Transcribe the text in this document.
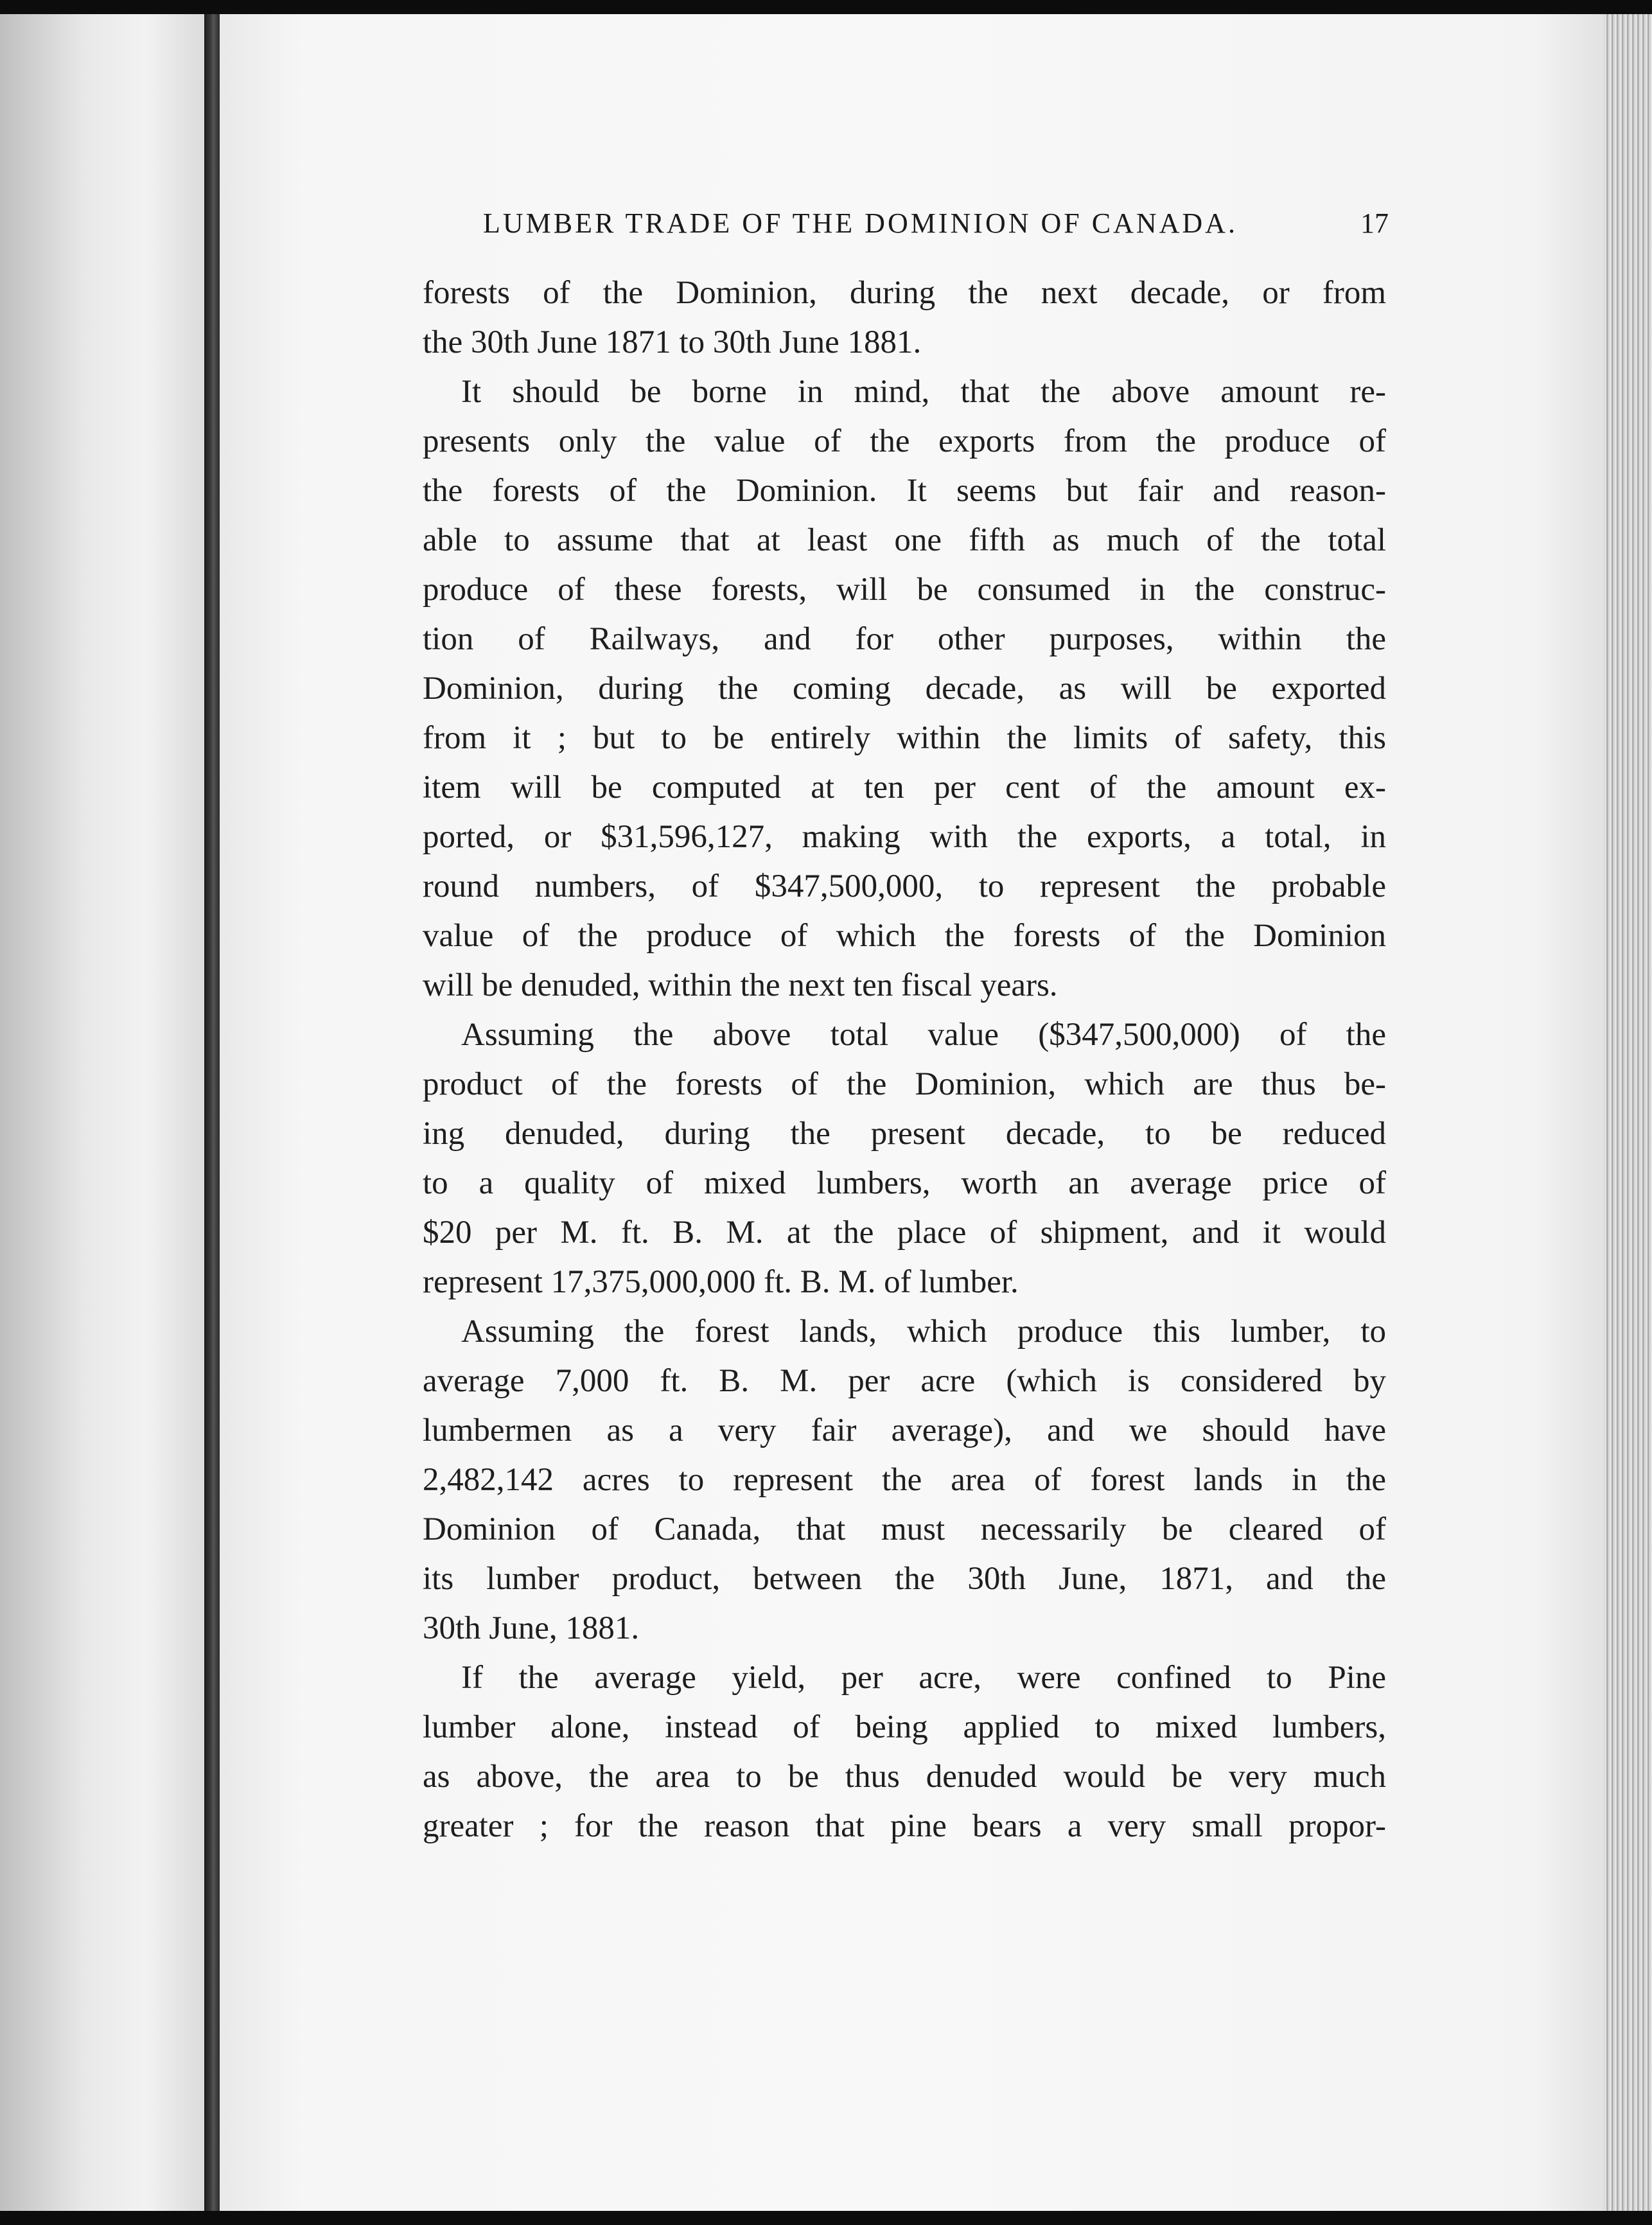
LUMBER TRADE OF THE DOMINION OF CANADA.	17
forests of the Dominion, during the next decade, or from
the 30th June 1871 to 30th June 1881.
It should be borne in mind, that the above amount re-
presents only the value of the exports from the produce of
the forests of the Dominion. It seems but fair and reason-
able to assume that at least one fifth as much of the total
produce of these forests, will be consumed in the construc-
tion of Railways, and for other purposes, within the
Dominion, during the coming decade, as will be exported
from it ; but to be entirely within the limits of safety, this
item will be computed at ten per cent of the amount ex-
ported, or $31,596,127, making with the exports, a total, in
round numbers, of $347,500,000, to represent the probable
value of the produce of which the forests of the Dominion
will be denuded, within the next ten fiscal years.
Assuming the above total value ($347,500,000) of the
product of the forests of the Dominion, which are thus be-
ing denuded, during the present decade, to be reduced
to a quality of mixed lumbers, worth an average price of
$20 per M. ft. B. M. at the place of shipment, and it would
represent 17,375,000,000 ft. B. M. of lumber.
Assuming the forest lands, which produce this lumber, to
average 7,000 ft. B. M. per acre (which is considered by
lumbermen as a very fair average), and we should have
2,482,142 acres to represent the area of forest lands in the
Dominion of Canada, that must necessarily be cleared of
its lumber product, between the 30th June, 1871, and the
30th June, 1881.
If the average yield, per acre, were confined to Pine
lumber alone, instead of being applied to mixed lumbers,
as above, the area to be thus denuded would be very much
greater ; for the reason that pine bears a very small propor-
